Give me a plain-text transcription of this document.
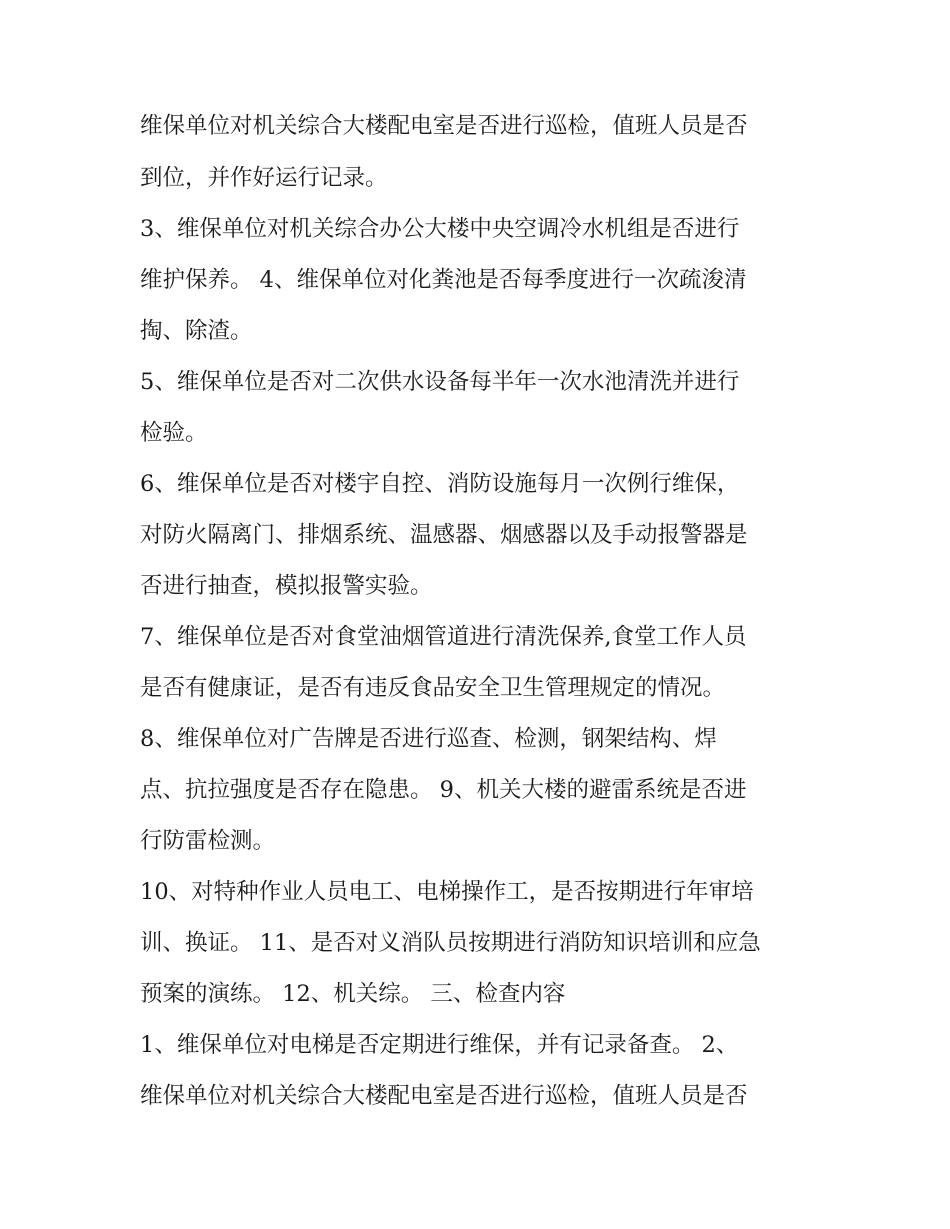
维保单位对机关综合大楼配电室是否进行巡检，值班人员是否
到位，并作好运行记录。
3、维保单位对机关综合办公大楼中央空调冷水机组是否进行
维护保养。 4、维保单位对化粪池是否每季度进行一次疏浚清
掏、除渣。
5、维保单位是否对二次供水设备每半年一次水池清洗并进行
检验。
6、维保单位是否对楼宇自控、消防设施每月一次例行维保，
对防火隔离门、排烟系统、温感器、烟感器以及手动报警器是
否进行抽查，模拟报警实验。
7、维保单位是否对食堂油烟管道进行清洗保养,食堂工作人员
是否有健康证，是否有违反食品安全卫生管理规定的情况。
8、维保单位对广告牌是否进行巡查、检测，钢架结构、焊
点、抗拉强度是否存在隐患。 9、机关大楼的避雷系统是否进
行防雷检测。
10、对特种作业人员电工、电梯操作工，是否按期进行年审培
训、换证。 11、是否对义消队员按期进行消防知识培训和应急
预案的演练。 12、机关综。 三、检查内容
1、维保单位对电梯是否定期进行维保，并有记录备查。 2、
维保单位对机关综合大楼配电室是否进行巡检，值班人员是否
